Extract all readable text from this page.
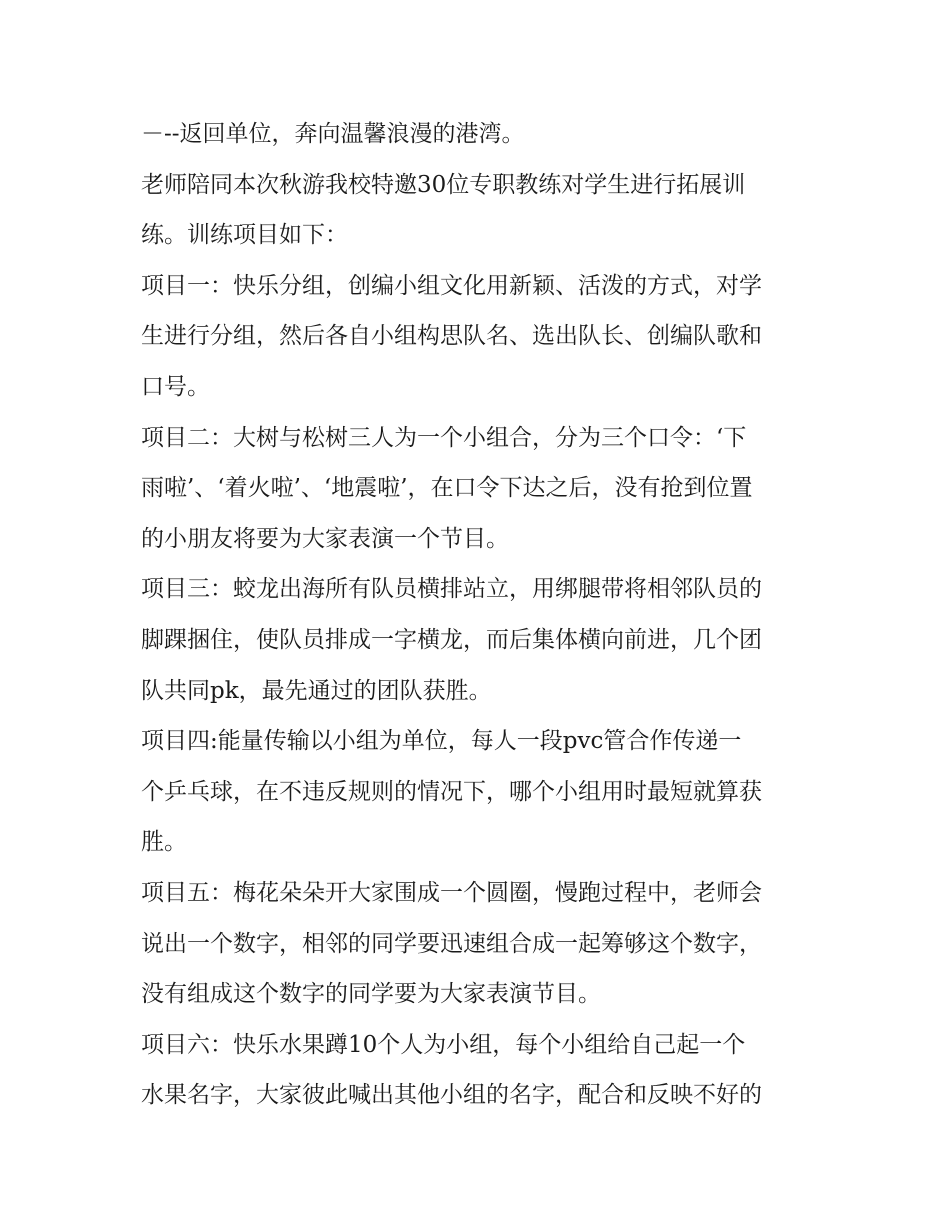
－--返回单位，奔向温馨浪漫的港湾。
老师陪同本次秋游我校特邀30位专职教练对学生进行拓展训
练。训练项目如下：
项目一：快乐分组，创编小组文化用新颖、活泼的方式，对学
生进行分组，然后各自小组构思队名、选出队长、创编队歌和
口号。
项目二：大树与松树三人为一个小组合，分为三个口令：‘下
雨啦’、‘着火啦’、‘地震啦’，在口令下达之后，没有抢到位置
的小朋友将要为大家表演一个节目。
项目三：蛟龙出海所有队员横排站立，用绑腿带将相邻队员的
脚踝捆住，使队员排成一字横龙，而后集体横向前进，几个团
队共同pk，最先通过的团队获胜。
项目四:能量传输以小组为单位，每人一段pvc管合作传递一
个乒乓球，在不违反规则的情况下，哪个小组用时最短就算获
胜。
项目五：梅花朵朵开大家围成一个圆圈，慢跑过程中，老师会
说出一个数字，相邻的同学要迅速组合成一起筹够这个数字，
没有组成这个数字的同学要为大家表演节目。
项目六：快乐水果蹲10个人为小组，每个小组给自己起一个
水果名字，大家彼此喊出其他小组的名字，配合和反映不好的
